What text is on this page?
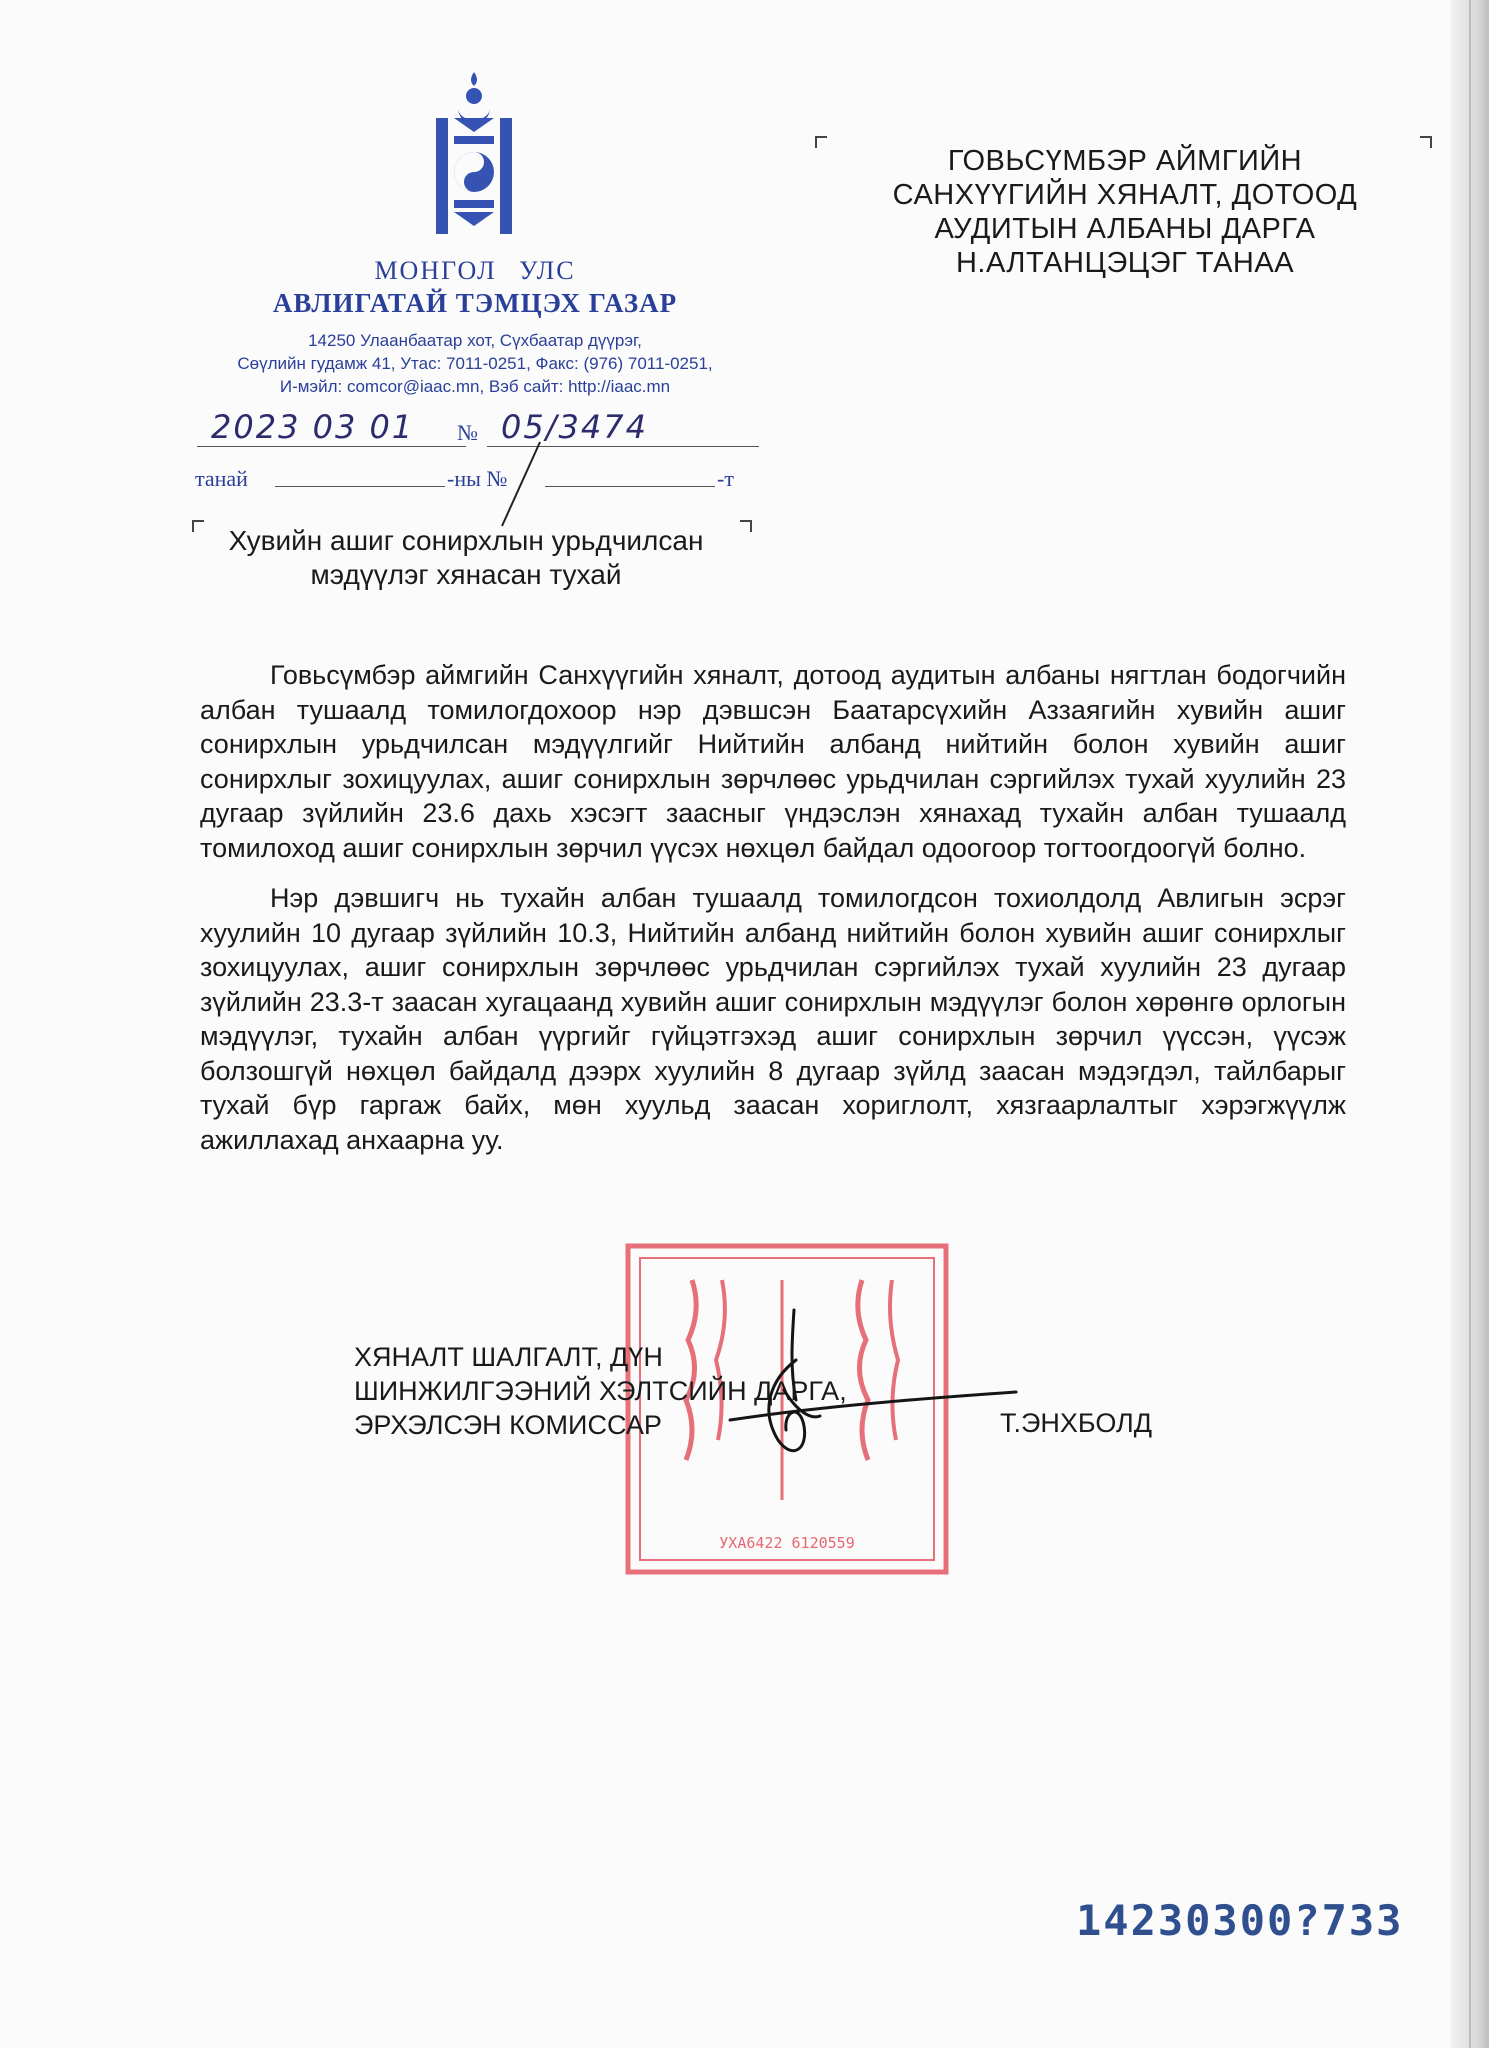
МОНГОЛ УЛС
АВЛИГАТАЙ ТЭМЦЭХ ГАЗАР
14250 Улаанбаатар хот, Сүхбаатар дүүрэг,
Сөүлийн гудамж 41, Утас: 7011-0251, Факс: (976) 7011-0251,
И-мэйл: comcor@iaac.mn, Вэб сайт: http://iaac.mn
ГОВЬСҮМБЭР АЙМГИЙН
САНХҮҮГИЙН ХЯНАЛТ, ДОТООД
АУДИТЫН АЛБАНЫ ДАРГА
Н.АЛТАНЦЭЦЭГ ТАНАА
2023 03 01	№ 05/3474
танай	-ны №	-т
Хувийн ашиг сонирхлын урьдчилсан
мэдүүлэг хянасан тухай

Говьсүмбэр аймгийн Санхүүгийн хяналт, дотоод аудитын албаны нягтлан бодогчийн албан тушаалд томилогдохоор нэр дэвшсэн Баатарсүхийн Аззаягийн хувийн ашиг сонирхлын урьдчилсан мэдүүлгийг Нийтийн албанд нийтийн болон хувийн ашиг сонирхлыг зохицуулах, ашиг сонирхлын зөрчлөөс урьдчилан сэргийлэх тухай хуулийн 23 дугаар зүйлийн 23.6 дахь хэсэгт заасныг үндэслэн хянахад тухайн албан тушаалд томилоход ашиг сонирхлын зөрчил үүсэх нөхцөл байдал одоогоор тогтоогдоогүй болно.

Нэр дэвшигч нь тухайн албан тушаалд томилогдсон тохиолдолд Авлигын эсрэг хуулийн 10 дугаар зүйлийн 10.3, Нийтийн албанд нийтийн болон хувийн ашиг сонирхлыг зохицуулах, ашиг сонирхлын зөрчлөөс урьдчилан сэргийлэх тухай хуулийн 23 дугаар зүйлийн 23.3-т заасан хугацаанд хувийн ашиг сонирхлын мэдүүлэг болон хөрөнгө орлогын мэдүүлэг, тухайн албан үүргийг гүйцэтгэхэд ашиг сонирхлын зөрчил үүссэн, үүсэж болзошгүй нөхцөл байдалд дээрх хуулийн 8 дугаар зүйлд заасан мэдэгдэл, тайлбарыг тухай бүр гаргаж байх, мөн хуульд заасан хориглолт, хязгаарлалтыг хэрэгжүүлж ажиллахад анхаарна уу.

УХА6422 6120559
ХЯНАЛТ ШАЛГАЛТ, ДҮН
ШИНЖИЛГЭЭНИЙ ХЭЛТСИЙН ДАРГА,
ЭРХЭЛСЭН КОМИССАР	Т.ЭНХБОЛД
14230300?733
